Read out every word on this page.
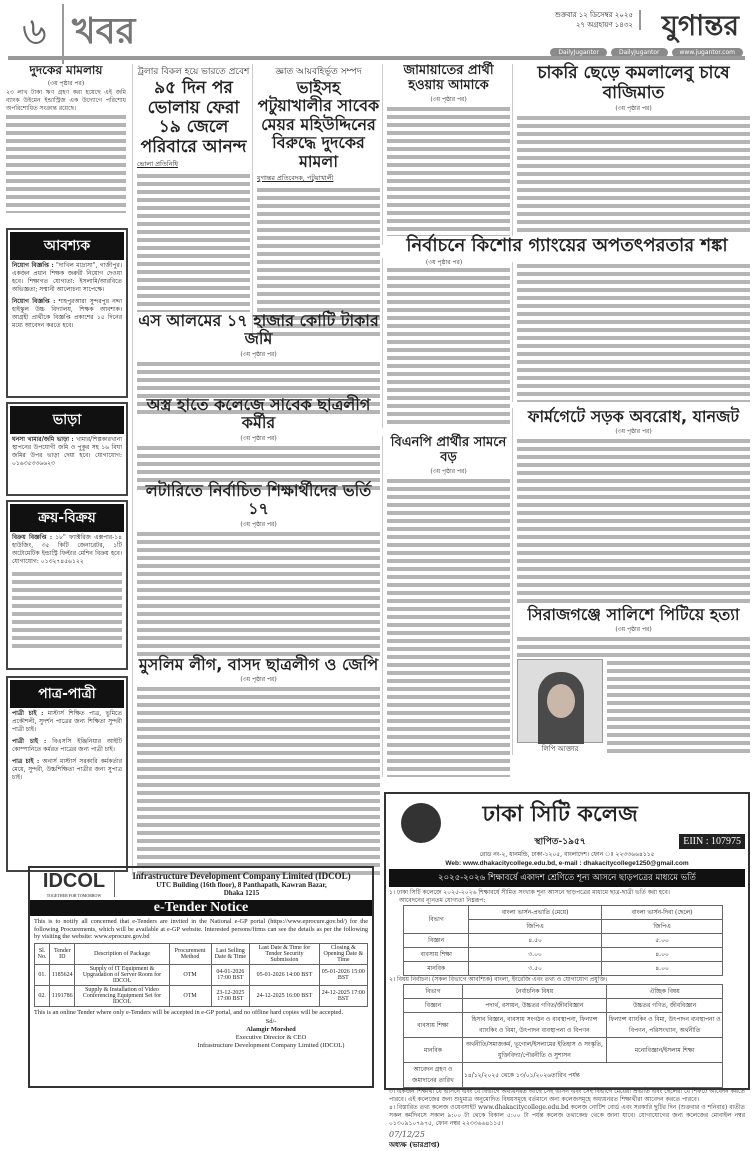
৬ খবর	শুক্রবার ১২ ডিসেম্বর ২০২৫
২৭ অগ্রহায়ণ ১৪৩২ যুগান্তর
DailyJugantor	DailyJugantor	www.jugantor.com
দুদকের মামলায়
(৩য় পৃষ্ঠার পর)
২৩ লাখ টাকা ঋণ গ্রহণ করা হয়েছে এই জমি ব্যাংক উইমেন ইন্ডাস্ট্রিজ এক উদ্যোগে পরিশোধ অপরিশোধিত সংক্রান্ত রয়েছে।
আবশ্যক
নিয়োগ বিজ্ঞপ্তি : "দাখিল মাদ্রাসা", গাজীপুর। একজন প্রধান শিক্ষক জরুরী নিয়োগ দেওয়া হবে। শিক্ষাগত যোগ্যতা: ইসলামি/আরবিতে অভিজ্ঞতা; সম্মানী আলোচনা সাপেক্ষে।
নিয়োগ বিজ্ঞপ্তি : শাহপুরআরা সুন্দরপুর নদ্দা হাইস্কুল উচ্চ বিদ্যালয়, শিক্ষক আবশ্যক। আগ্রহী প্রার্থীকে বিজ্ঞপ্তি প্রকাশের ১৫ দিনের মধ্যে আবেদন করতে হবে।
ভাড়া
ঘনসা খামার/জমি ভাড়া : খামার/শিল্পকারখানা স্থাপনের উপযোগী জমি ও পুকুর সহ ১৬ বিঘা জমির উপর ভাড়া দেয়া হবে। যোগাযোগ: ০১৬৩৫৩৩৬৬২৩
ক্রয়-বিক্রয়
বিক্রয় বিজ্ঞপ্তি : ১৮" ফ্যাক্টরিজ এক্সপার-১৪ হাউজিং, ৩৫ কিটি জেনারেটর, ১টি অটোমেটিক ইন্ডাস্ট্রি ফিল্টার মেশিন বিক্রয় হবে। যোগাযোগ: ০১৩২৭৪৫৬১২২
পাত্র-পাত্রী
পাত্রী চাই : মাস্টার্স শিক্ষিত পাত্র, ভুমিতে প্রকৌশলী, সুদর্শন পাত্রের জন্য শিক্ষিতা সুন্দরী পাত্রী চাই।
পাত্রী চাই : বিএসসি ইঞ্জিনিয়ার আইটি কোম্পানিতে কর্মরত পাত্রের জন্য পাত্রী চাই।
পাত্র চাই : অনার্স মাস্টার্স সরকারি কর্মকর্তার মেয়ে, সুন্দরী, উচ্চশিক্ষিতা পাত্রীর জন্য সুপাত্র চাই।
ট্রলার বিকল হয়ে ভারতে প্রবেশ
৯৫ দিন পর ভোলায় ফেরা ১৯ জেলে পরিবারে আনন্দ
ভোলা প্রতিনিধি
জ্ঞাত আয়বহির্ভূত সম্পদ
ভাইসহ পটুয়াখালীর সাবেক মেয়র মহিউদ্দিনের বিরুদ্ধে দুদকের মামলা
যুগান্তর প্রতিবেদক, পটুয়াখালী
এস আলমের ১৭ হাজার কোটি টাকার জমি
(৩য় পৃষ্ঠার পর)
অস্ত্র হাতে কলেজে সাবেক ছাত্রলীগ কর্মীর
(৩য় পৃষ্ঠার পর)
লটারিতে নির্বাচিত শিক্ষার্থীদের ভর্তি ১৭
(৩য় পৃষ্ঠার পর)
মুসলিম লীগ, বাসদ ছাত্রলীগ ও জেপি
(৩য় পৃষ্ঠার পর)
জামায়াতের প্রার্থী হওয়ায় আমাকে
(৩য় পৃষ্ঠার পর)
বিএনপি প্রার্থীর সামনে বড়
(৩য় পৃষ্ঠার পর)
চাকরি ছেড়ে কমলালেবু চাষে বাজিমাত
(৩য় পৃষ্ঠার পর)
নির্বাচনে কিশোর গ্যাংয়ের অপতৎপরতার শঙ্কা
(৩য় পৃষ্ঠার পর)
ফার্মগেটে সড়ক অবরোধ, যানজট
(৩য় পৃষ্ঠার পর)
সিরাজগঞ্জে সালিশে পিটিয়ে হত্যা
(৩য় পৃষ্ঠার পর)
লিপি আক্তার
IDCOL
TOGETHER FOR TOMORROW
Infrastructure Development Company Limited (IDCOL)
UTC Building (16th floor), 8 Panthapath, Kawran Bazar,
Dhaka 1215
e-Tender Notice
This is to notify all concerned that e-Tenders are invited in the National e-GP portal (https://www.eprocure.gov.bd/) for the following Procurements, which will be available at e-GP website. Interested persons/firms can see the details as per the following by visiting the website: www.eprocure.gov.bd
Sl. No.	Tender ID	Description of Package	Procurement Method	Last Selling Date & Time	Last Date & Time for Tender Security Submission	Closing & Opening Date & Time
01.	1185624	Supply of IT Equipment & Upgradation of Server Room for IDCOL	OTM	04-01-2026 17:00 BST	05-01-2026 14:00 BST	05-01-2026 15:00 BST
02.	1191786	Supply & Installation of Video Conferencing Equipment Set for IDCOL	OTM	23-12-2025 17:00 BST	24-12-2025 16:00 BST	24-12-2025 17:00 BST
This is an online Tender where only e-Tenders will be accepted in e-GP portal, and no offline hard copies will be accepted.
Sd/-
Alamgir Morshed
Executive Director & CEO
Infrastructure Development Company Limited (IDCOL)
ঢাকা সিটি কলেজ
স্থাপিত-১৯৫৭	EIIN : 107975
রোড নং-২, ধানমন্ডি, ঢাকা-১২০৫, বাংলাদেশ। ফোন ঃ ২২৩৩৬৬৪১১৫
Web: www.dhakacitycollege.edu.bd, e-mail : dhakacitycollege1250@gmail.com
২০২৫-২০২৬ শিক্ষাবর্ষে একাদশ শ্রেণিতে শূন্য আসনে ছাড়পত্রের মাধ্যমে ভর্তি
১। ঢাকা সিটি কলেজে ২০২৫-২০২৬ শিক্ষাবর্ষে সীমিত সংখ্যক শূন্য আসনে ছাড়পত্রের মাধ্যমে ছাত্র-ছাত্রী ভর্তি করা হবে।
আবেদনের ন্যূনতম যোগ্যতা নিম্নরূপ:
বিভাগ	বাংলা ভার্সন-প্রভাতি (মেয়ে)	বাংলা ভার্সন-দিবা (ছেলে)
	জিপিএ	জিপিএ
বিজ্ঞান	৪.৫০	৫.০০
ব্যবসায় শিক্ষা	৩.০০	৪.০০
মানবিক	৩.৫০	৪.০০
২। বিষয় নির্বাচন। (সকল বিভাগে আবশ্যিক) বাংলা, ইংরেজি এবং তথ্য ও যোগাযোগ প্রযুক্তি।
বিভাগ	নৈর্বাচনিক বিষয়	ঐচ্ছিক বিষয়
বিজ্ঞান	পদার্থ, রসায়ন, উচ্চতর গণিত/জীববিজ্ঞান	উচ্চতর গণিত, জীববিজ্ঞান
ব্যবসায় শিক্ষা	হিসাব বিজ্ঞান, ব্যবসায় সংগঠন ও ব্যবস্থাপনা, ফিন্যান্স ব্যাংকিং ও বিমা, উৎপাদন ব্যবস্থাপনা ও বিপণন	ফিন্যান্স ব্যাংকিং ও বিমা, উৎপাদন ব্যবস্থাপনা ও বিপণন, পরিসংখ্যান, অর্থনীতি
মানবিক	অর্থনীতি/সমাজকর্ম, ভূগোল/ইসলামের ইতিহাস ও সংস্কৃতি, যুক্তিবিদ্যা/পৌরনীতি ও সুশাসন	মনোবিজ্ঞান/ইসলাম শিক্ষা
আবেদন গ্রহণ ও জমাদানের তারিখ	১৪/১২/২০২৫ থেকে ১৩/০১/২০২৬তারিখ পর্যন্ত	
৩। একজন শিক্ষার্থী যে ভার্সনে এবং যে বিভাগে অধ্যয়নরত আছে সেই ভার্সন এবং সেই বিভাগে মেয়েরা প্রভাতি এবং ছেলেরা যে শিফটে আবেদন করতে পারবে। এই কলেজের জন্য শুধুমাত্র অনুমোদিত বিষয়সমূহে বর্তমানে অন্য কলেজসমূহে অধ্যয়নরত শিক্ষার্থীরা আবেদন করতে পারবে।
৪। বিস্তারিত তথ্য কলেজ ওয়েবসাইট www.dhakacitycollege.edu.bd কলেজ নোটিশ বোর্ড এবং সরকারি ছুটির দিন (শুক্রবার ও শনিবার) ব্যতীত সকল কর্মদিবসে সকাল ৯:০০ টা থেকে বিকাল ৫:০০ টা পর্যন্ত কলেজ তথ্যকেন্দ্র থেকে জানা যাবে। যোগাযোগের জন্য কলেজের মোবাইল নম্বর ০১৩০৯১০৭৯৭৫, ফোন নম্বর ২২৩৩৬৬৪১১৫।
07/12/25
অধ্যক্ষ (ভারপ্রাপ্ত)
